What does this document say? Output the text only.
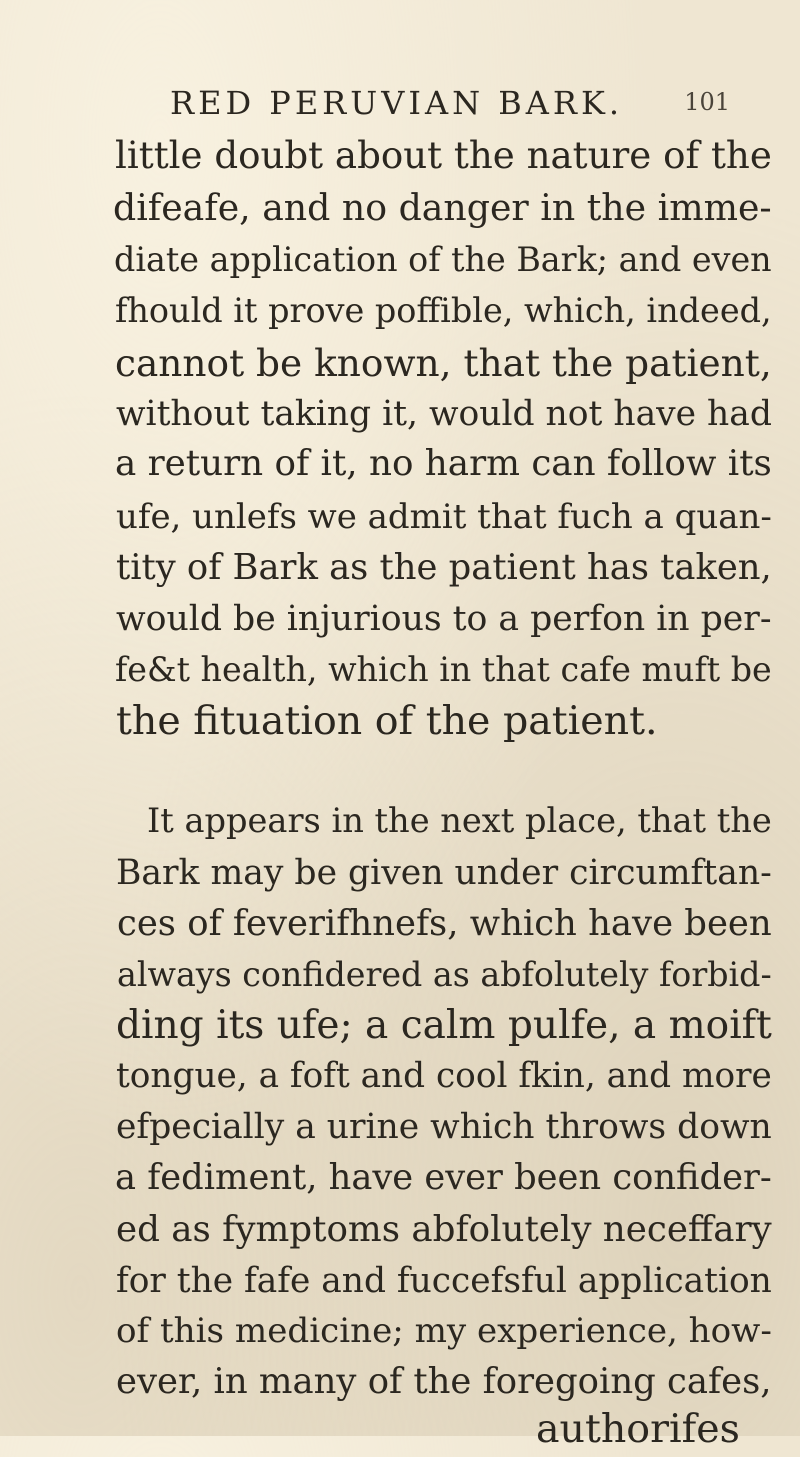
RED PERUVIAN BARK.	101
little doubt about the nature of the
difeafe, and no danger in the imme-
diate application of the Bark; and even
fhould it prove poffible, which, indeed,
cannot be known, that the patient,
without taking it, would not have had
a return of it, no harm can follow its
ufe, unlefs we admit that fuch a quan-
tity of Bark as the patient has taken,
would be injurious to a perfon in per-
fe&t health, which in that cafe muft be
the fituation of the patient.
It appears in the next place, that the
Bark may be given under circumftan-
ces of feverifhnefs, which have been
always confidered as abfolutely forbid-
ding its ufe; a calm pulfe, a moift
tongue, a foft and cool fkin, and more
efpecially a urine which throws down
a fediment, have ever been confider-
ed as fymptoms abfolutely neceffary
for the fafe and fuccefsful application
of this medicine; my experience, how-
ever, in many of the foregoing cafes,
authorifes
